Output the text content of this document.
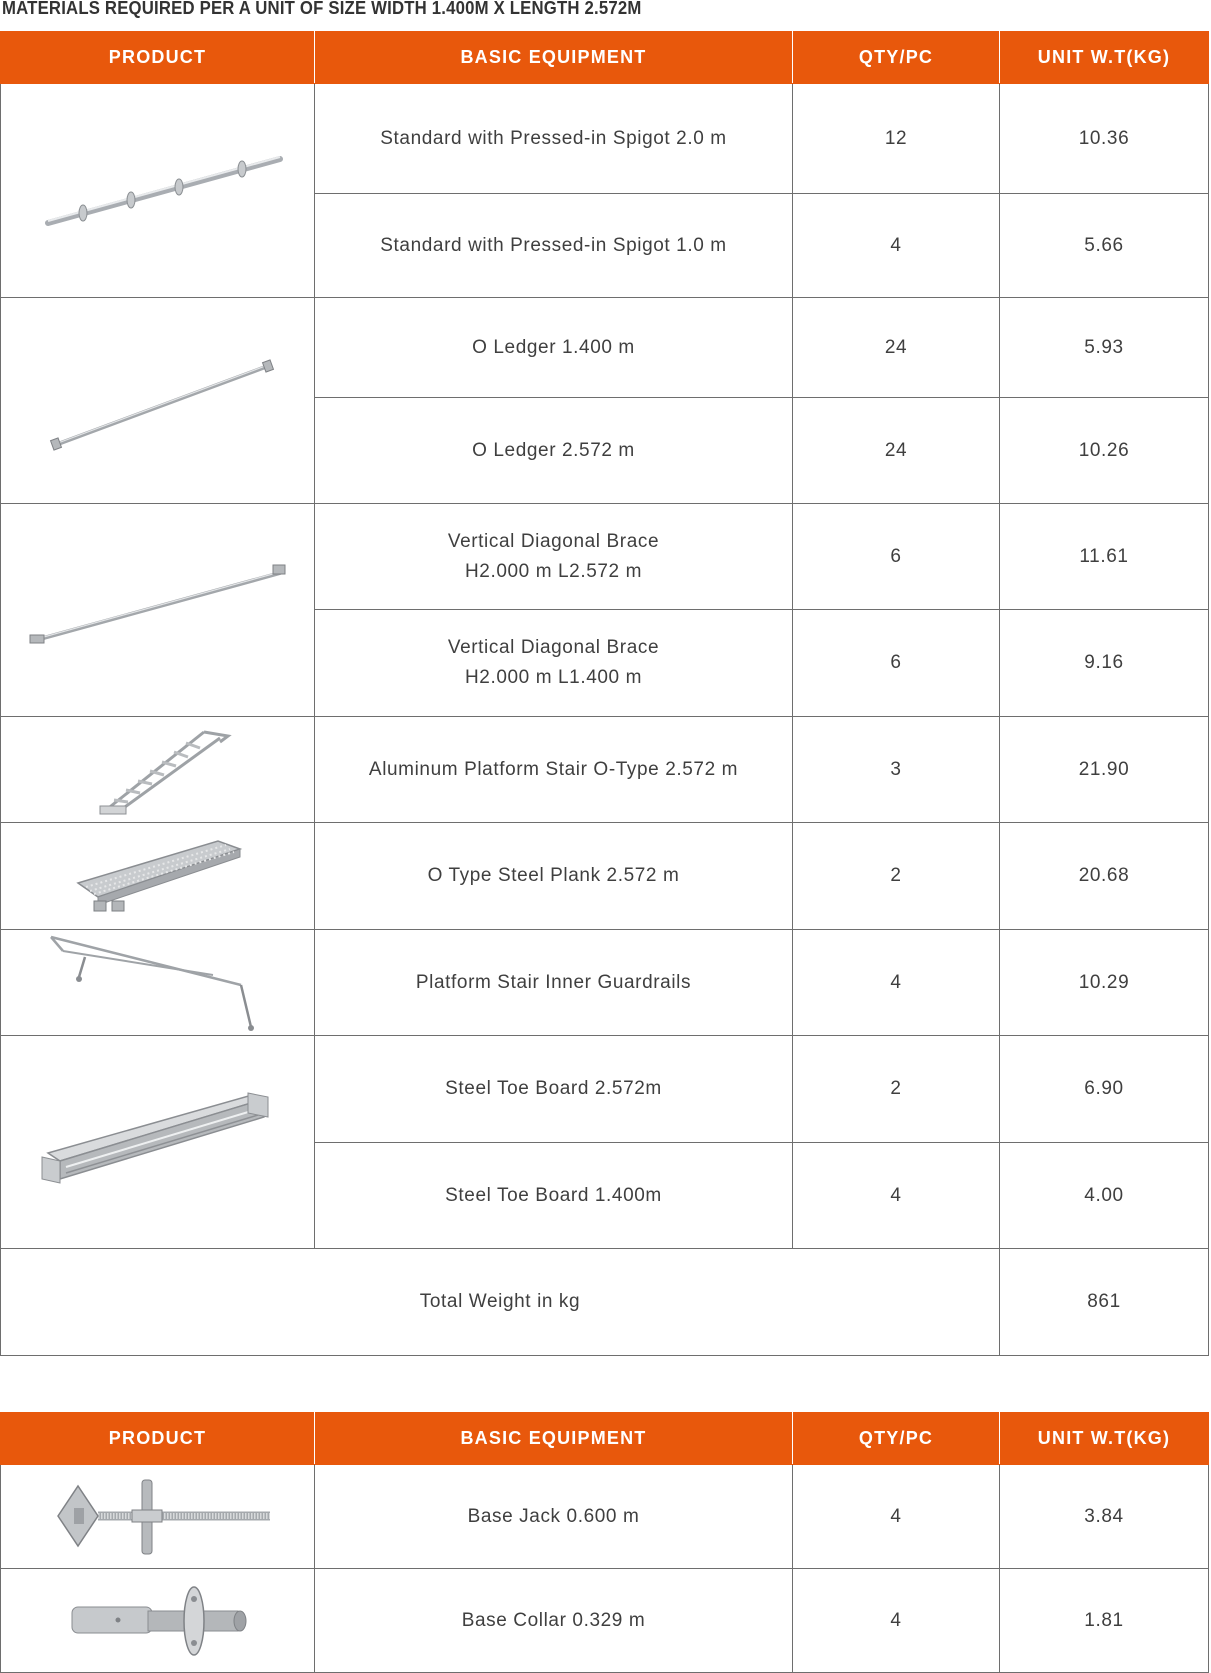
MATERIALS REQUIRED PER A UNIT OF SIZE WIDTH 1.400M X LENGTH 2.572M
PRODUCT	BASIC EQUIPMENT	QTY/PC	UNIT W.T(KG)

	Standard with Pressed-in Spigot 2.0 m	12	10.36
	Standard with Pressed-in Spigot 1.0 m	4	5.66

	O Ledger 1.400 m	24	5.93
	O Ledger 2.572 m	24	10.26

Vertical Diagonal Brace
H2.000 m L2.572 m	6	11.61

	Vertical Diagonal Brace
H2.000 m L1.400 m	6	9.16

	Aluminum Platform Stair O-Type 2.572 m	3	21.90

	O Type Steel Plank 2.572 m	2	20.68

	Platform Stair Inner Guardrails	4	10.29

	Steel Toe Board 2.572m	2	6.90
	Steel Toe Board 1.400m	4	4.00
Total Weight in kg			861
PRODUCT	BASIC EQUIPMENT	QTY/PC	UNIT W.T(KG)

	Base Jack 0.600 m	4	3.84

	Base Collar 0.329 m	4	1.81
